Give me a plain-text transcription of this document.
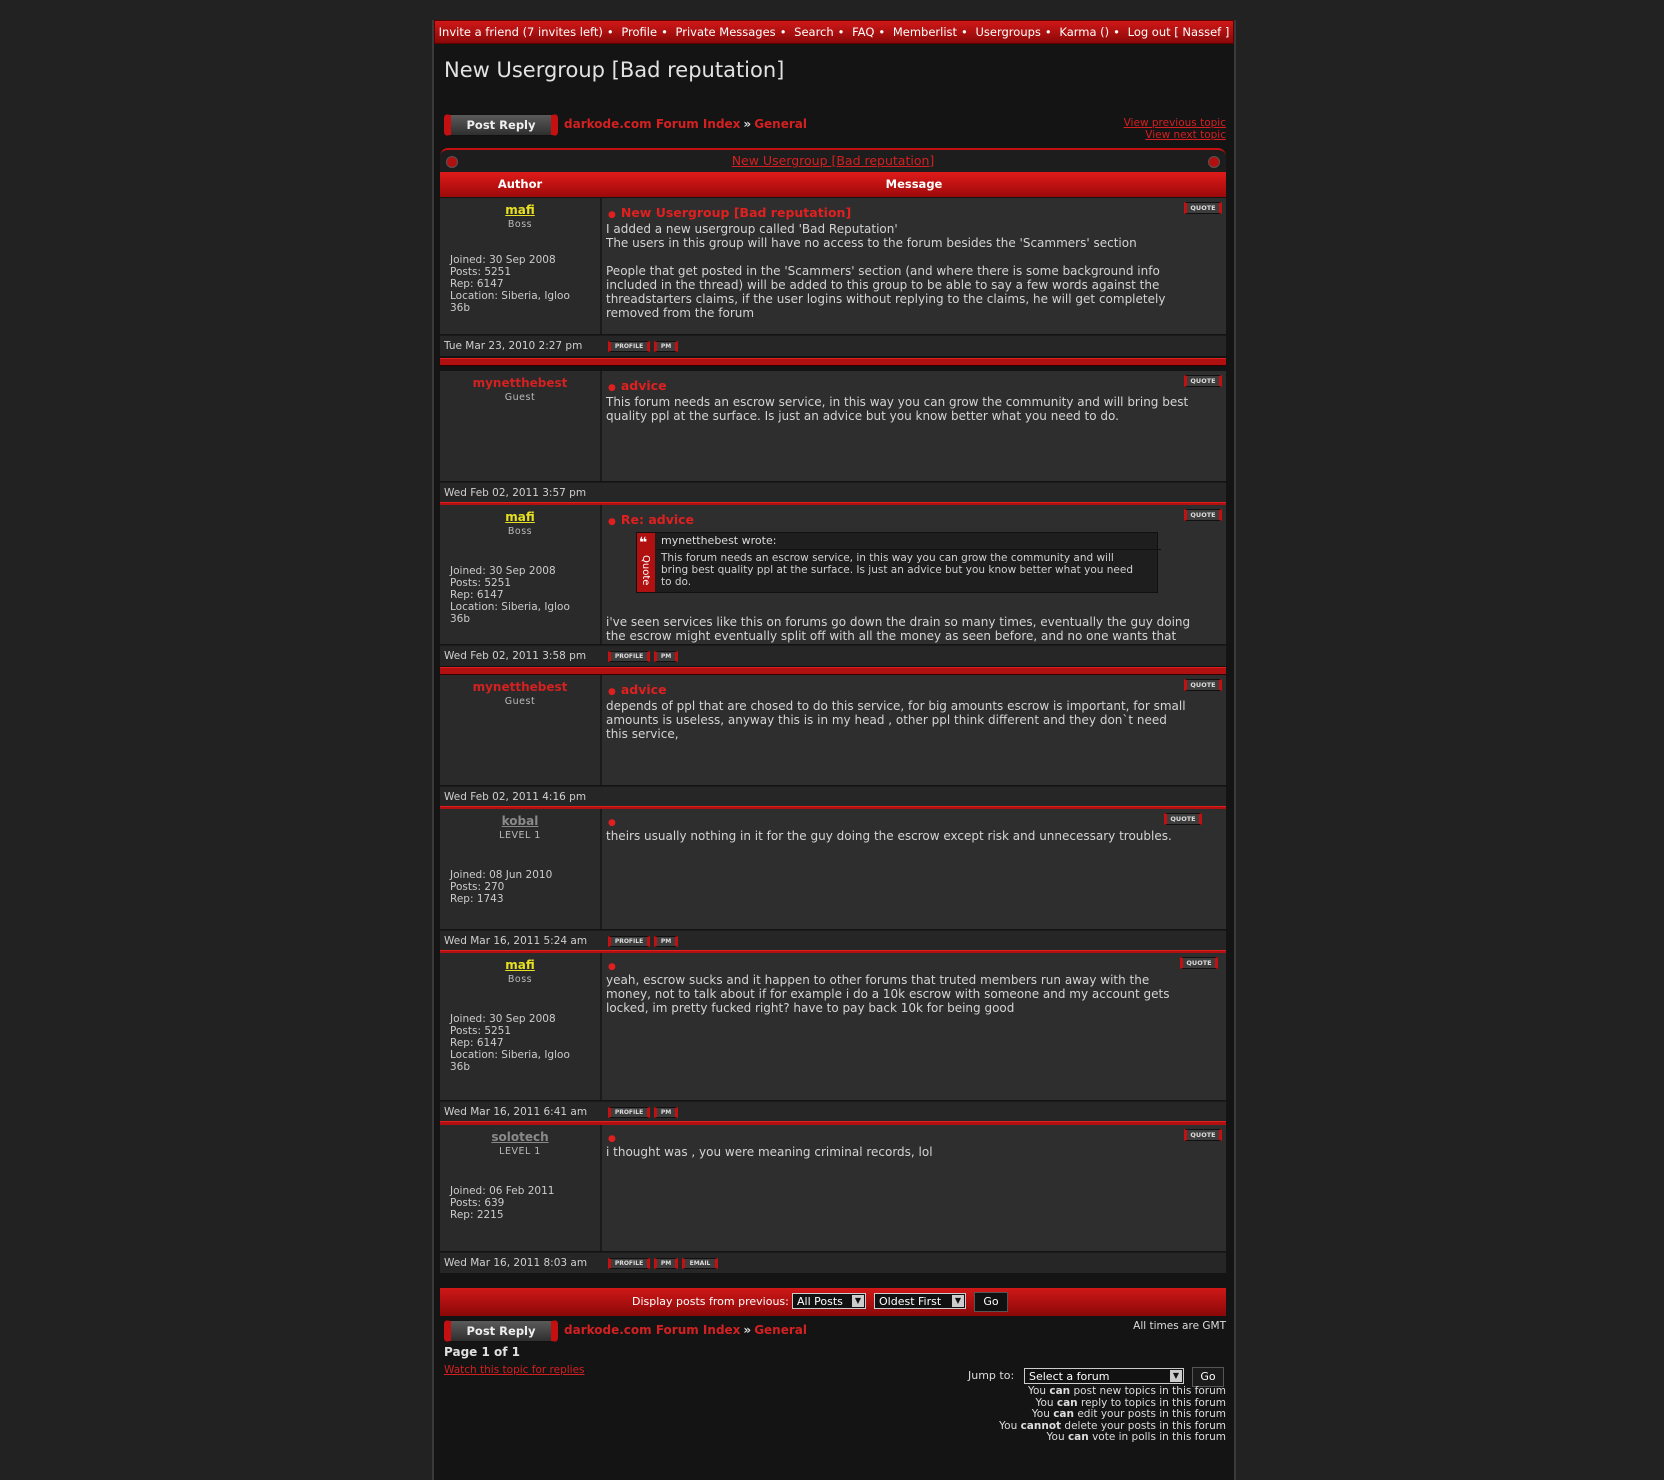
Invite a friend (7 invites left) • Profile • Private Messages • Search • FAQ • Memberlist • Usergroups • Karma () • Log out [ Nassef ]
New Usergroup [Bad reputation]
Post Reply	darkode.com Forum Index » General	View previous topic
View next topic
New Usergroup [Bad reputation]
Author	Message
mafi
Boss
Joined: 30 Sep 2008
Posts: 5251
Rep: 6147
Location: Siberia, Igloo
36b
● New Usergroup [Bad reputation]	QUOTE
I added a new usergroup called 'Bad Reputation'
The users in this group will have no access to the forum besides the 'Scammers' section
People that get posted in the 'Scammers' section (and where there is some background info
included in the thread) will be added to this group to be able to say a few words against the
threadstarters claims, if the user logins without replying to the claims, he will get completely
removed from the forum
Tue Mar 23, 2010 2:27 pm	PROFILE	PM
mynetthebest
Guest
● advice	QUOTE
This forum needs an escrow service, in this way you can grow the community and will bring best
quality ppl at the surface. Is just an advice but you know better what you need to do.
Wed Feb 02, 2011 3:57 pm
mafi
Boss
Joined: 30 Sep 2008
Posts: 5251
Rep: 6147
Location: Siberia, Igloo
36b
● Re: advice	QUOTE
❝
Quote
mynetthebest wrote:
This forum needs an escrow service, in this way you can grow the community and will
bring best quality ppl at the surface. Is just an advice but you know better what you need
to do.
i've seen services like this on forums go down the drain so many times, eventually the guy doing
the escrow might eventually split off with all the money as seen before, and no one wants that
Wed Feb 02, 2011 3:58 pm	PROFILE	PM
mynetthebest
Guest
● advice	QUOTE
depends of ppl that are chosed to do this service, for big amounts escrow is important, for small
amounts is useless, anyway this is in my head , other ppl think different and they don`t need
this service,
Wed Feb 02, 2011 4:16 pm
kobal
LEVEL 1
Joined: 08 Jun 2010
Posts: 270
Rep: 1743
●	QUOTE
theirs usually nothing in it for the guy doing the escrow except risk and unnecessary troubles.
Wed Mar 16, 2011 5:24 am	PROFILE	PM
mafi
Boss
Joined: 30 Sep 2008
Posts: 5251
Rep: 6147
Location: Siberia, Igloo
36b
●	QUOTE
yeah, escrow sucks and it happen to other forums that truted members run away with the
money, not to talk about if for example i do a 10k escrow with someone and my account gets
locked, im pretty fucked right? have to pay back 10k for being good
Wed Mar 16, 2011 6:41 am	PROFILE	PM
solotech
LEVEL 1
Joined: 06 Feb 2011
Posts: 639
Rep: 2215
●	QUOTE
i thought was , you were meaning criminal records, lol
Wed Mar 16, 2011 8:03 am	PROFILE	PM	EMAIL
Display posts from previous: All Posts	▼	Oldest First	▼	Go
Post Reply	darkode.com Forum Index » General	All times are GMT
Page 1 of 1
Watch this topic for replies	Jump to:	Select a forum	▼	Go
You can post new topics in this forum
You can reply to topics in this forum
You can edit your posts in this forum
You cannot delete your posts in this forum
You can vote in polls in this forum
